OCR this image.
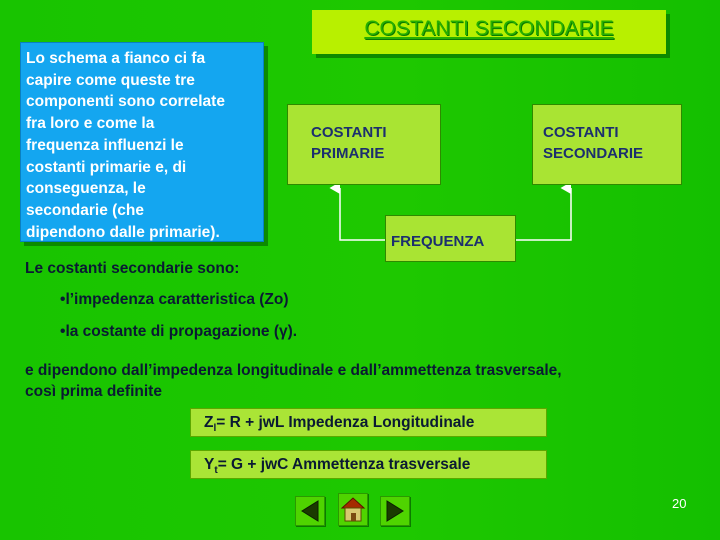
COSTANTI SECONDARIE
Lo schema a fianco ci fa
capire come queste tre
componenti sono correlate
fra loro e come la
frequenza influenzi le
costanti primarie e, di
conseguenza, le
secondarie (che
dipendono dalle primarie).
COSTANTI
PRIMARIE
COSTANTI
SECONDARIE
FREQUENZA
Le costanti secondarie sono:
•l’impedenza caratteristica (Zo)
•la costante di propagazione (γ).
e dipendono dall’impedenza longitudinale e dall’ammettenza trasversale,
così prima definite
$Z_l= R$ + jwL Impedenza Longitudinale
$Y_t= G$ + jwC Ammettenza trasversale
20
